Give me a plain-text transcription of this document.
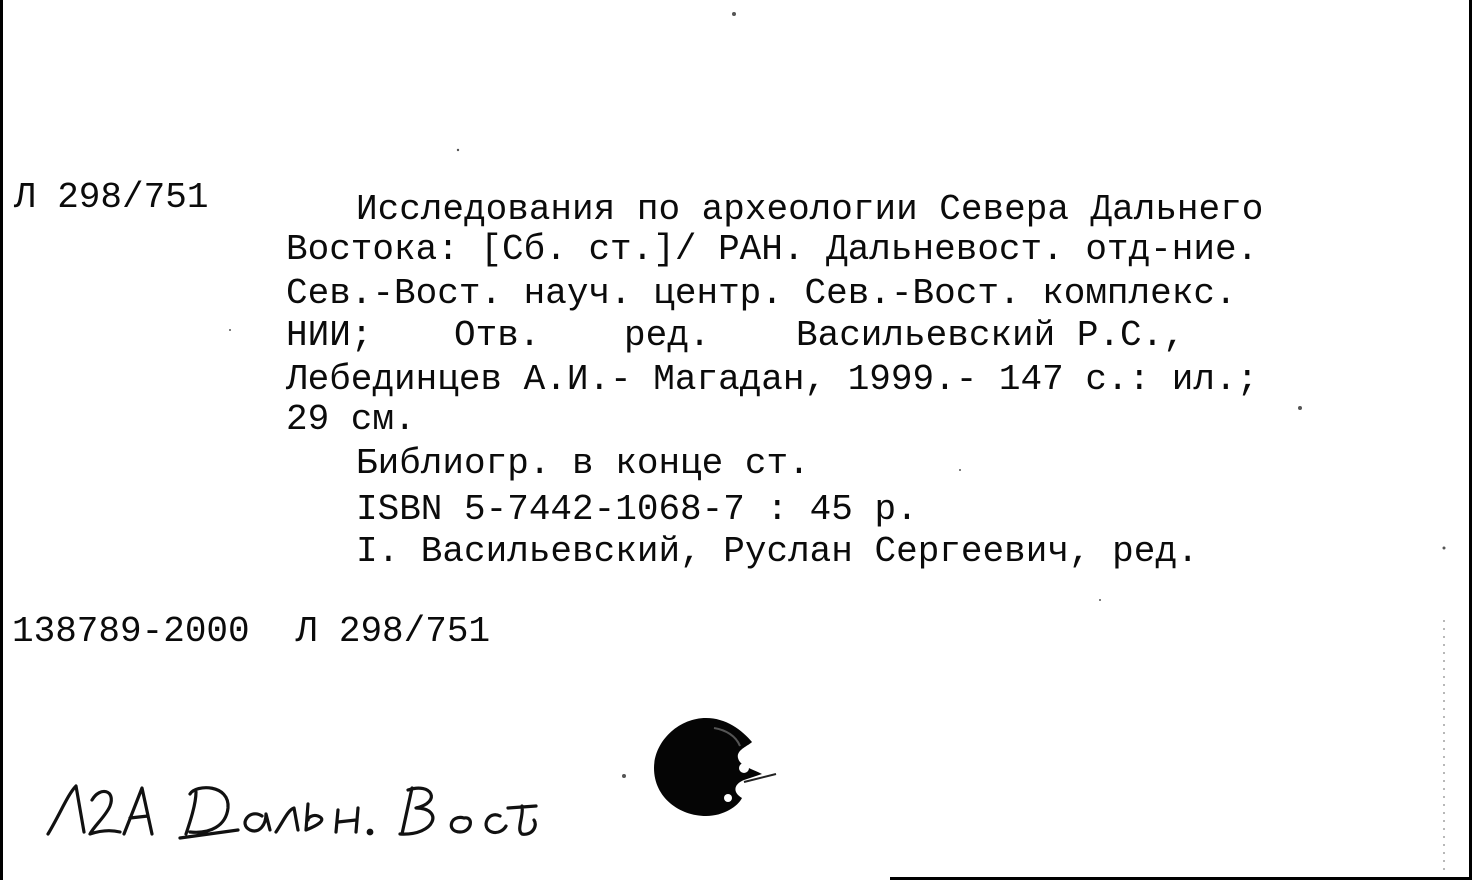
Л 298/751	Исследования по археологии Севера Дальнего
Востока: [Сб. ст.]/ РАН. Дальневост. отд-ние.
Сев.-Вост. науч. центр. Сев.-Вост. комплекс.
НИИ; Отв. ред. Васильевский Р.С.,
Лебединцев А.И.- Магадан, 1999.- 147 с.: ил.;
29 см.
Библиогр. в конце ст.
ISBN 5-7442-1068-7 : 45 р.
I. Васильевский, Руслан Сергеевич, ред.
138789-2000 Л 298/751
